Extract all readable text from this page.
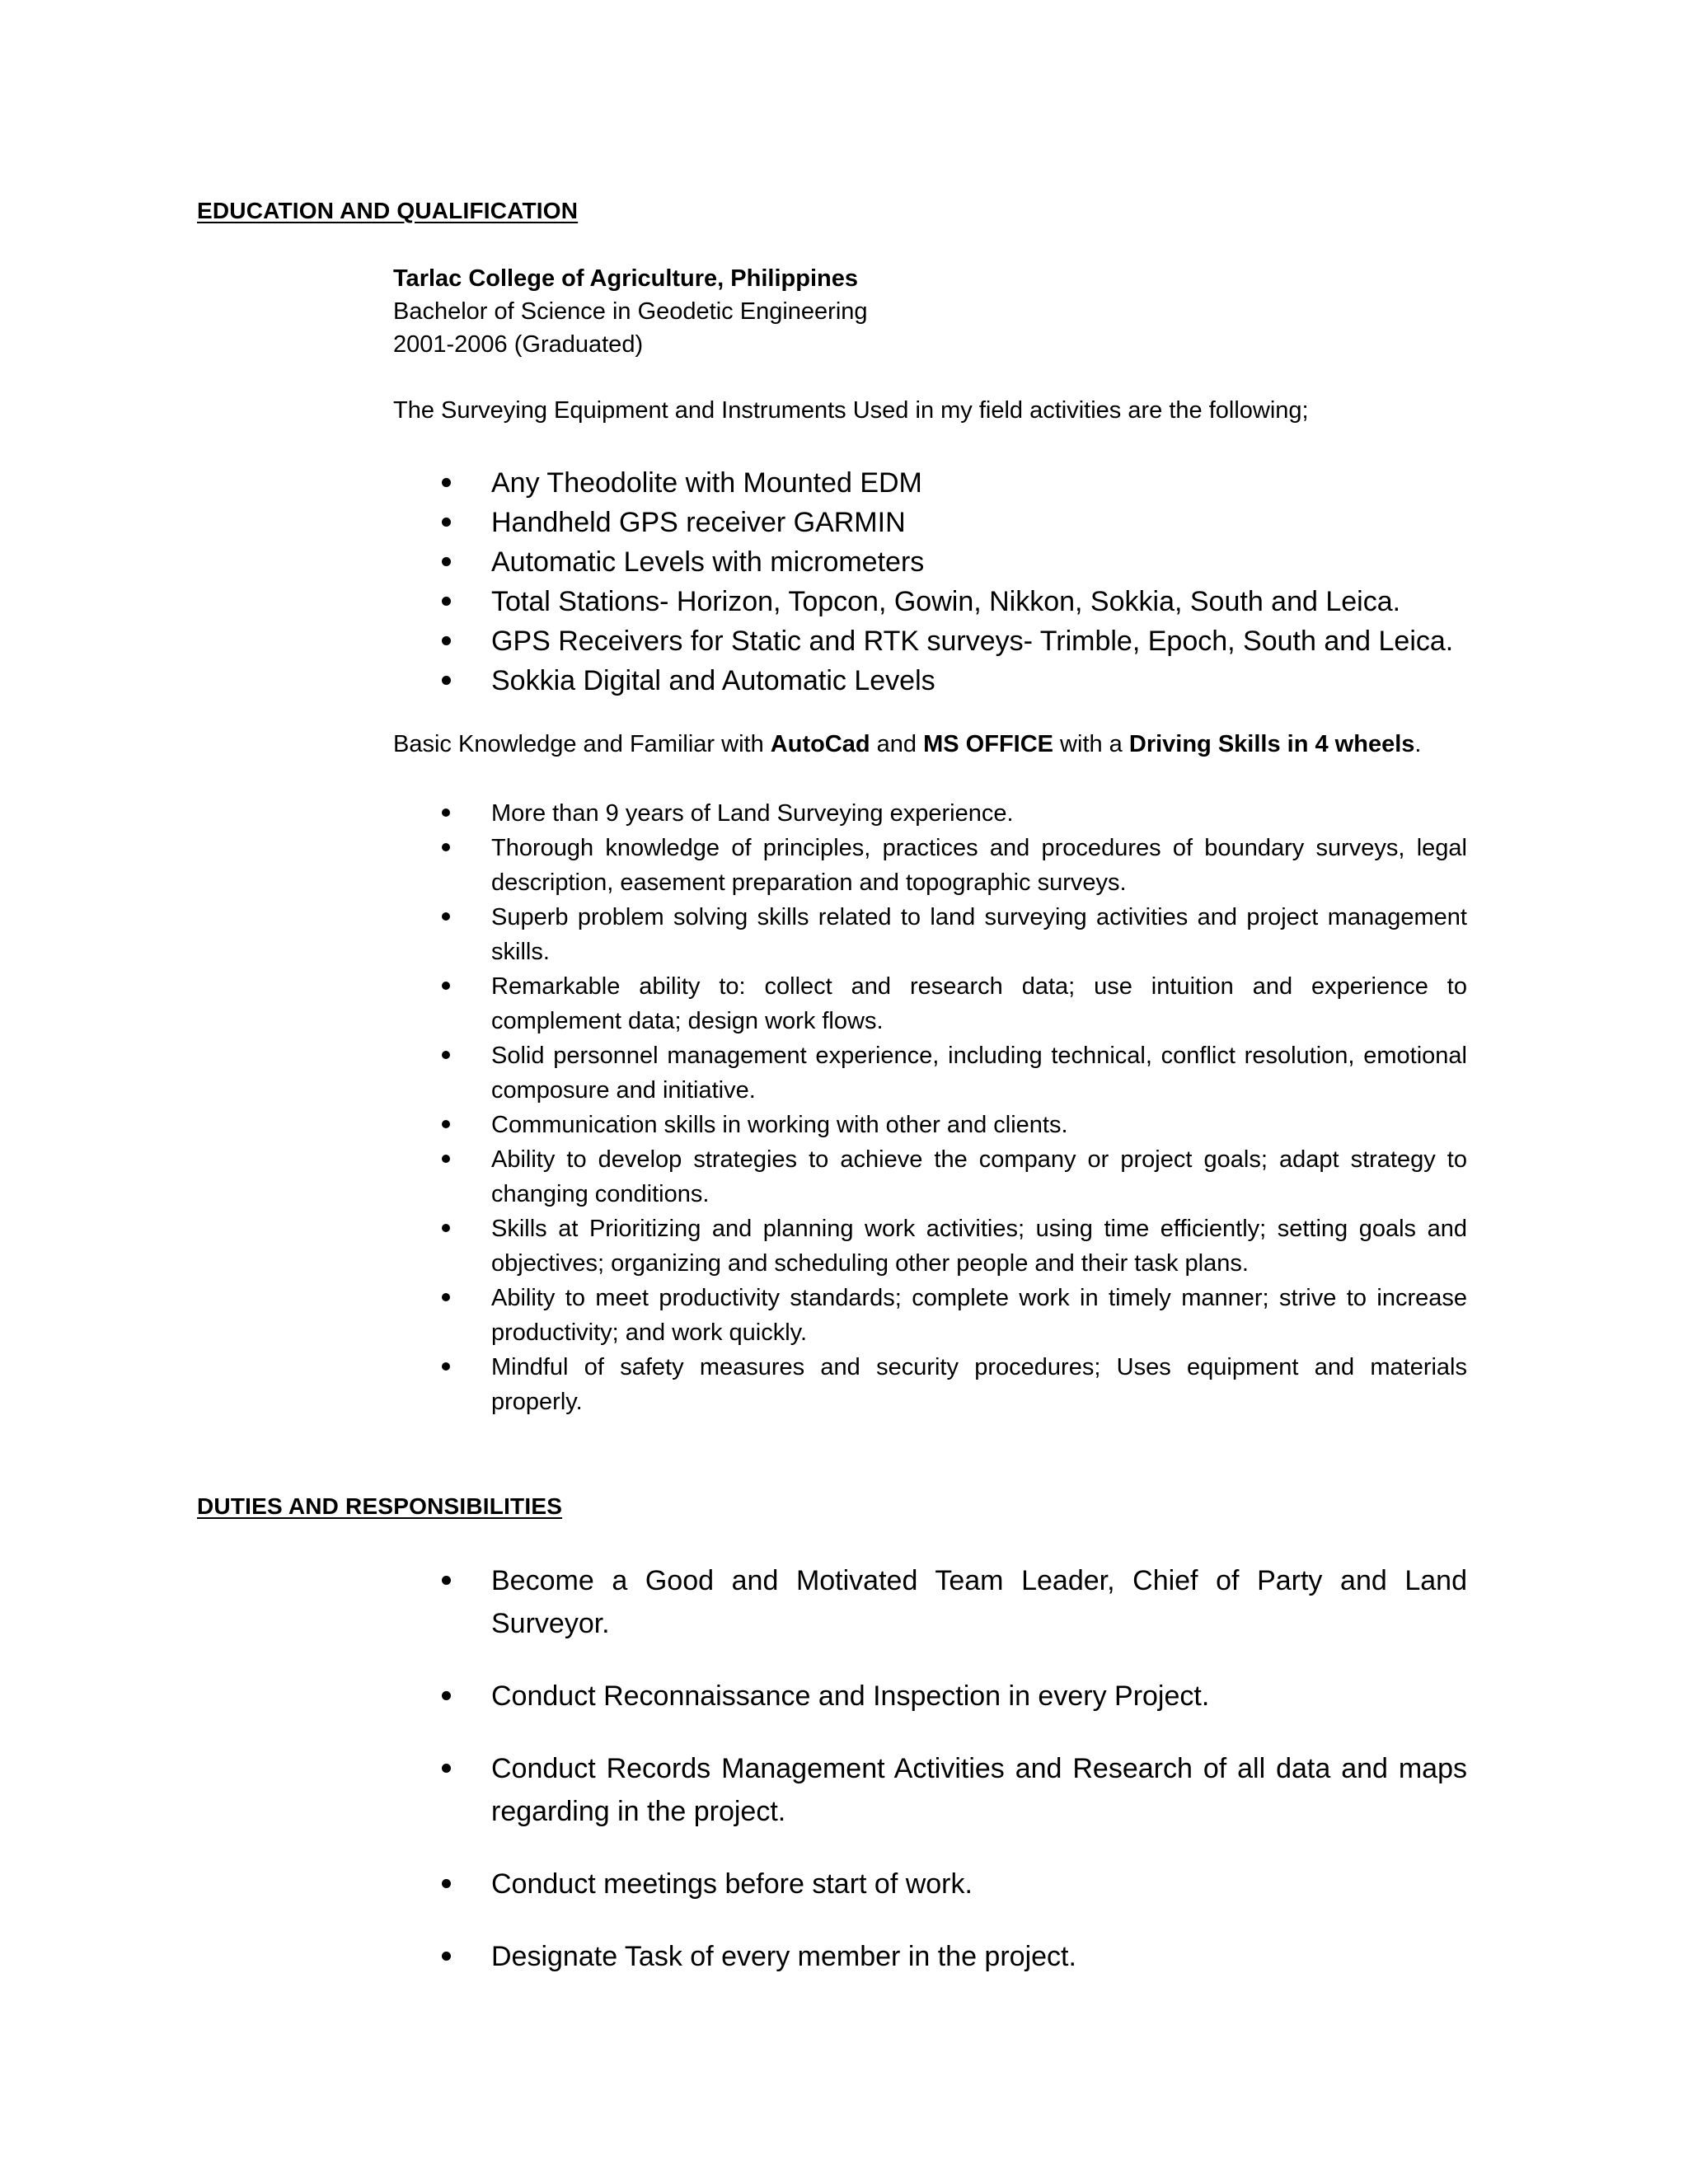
EDUCATION AND QUALIFICATION
Tarlac College of Agriculture, Philippines
Bachelor of Science in Geodetic Engineering
2001-2006 (Graduated)
The Surveying Equipment and Instruments Used in my field activities are the following;
Any Theodolite with Mounted EDM
Handheld GPS receiver GARMIN
Automatic Levels with micrometers
Total Stations- Horizon, Topcon, Gowin, Nikkon, Sokkia, South and Leica.
GPS Receivers for Static and RTK surveys- Trimble, Epoch, South and Leica.
Sokkia Digital and Automatic Levels
Basic Knowledge and Familiar with AutoCad and MS OFFICE with a Driving Skills in 4 wheels.
More than 9 years of Land Surveying experience.
Thorough knowledge of principles, practices and procedures of boundary surveys, legal description, easement preparation and topographic surveys.
Superb problem solving skills related to land surveying activities and project management skills.
Remarkable ability to: collect and research data; use intuition and experience to complement data; design work flows.
Solid personnel management experience, including technical, conflict resolution, emotional composure and initiative.
Communication skills in working with other and clients.
Ability to develop strategies to achieve the company or project goals; adapt strategy to changing conditions.
Skills at Prioritizing and planning work activities; using time efficiently; setting goals and objectives; organizing and scheduling other people and their task plans.
Ability to meet productivity standards; complete work in timely manner; strive to increase productivity; and work quickly.
Mindful of safety measures and security procedures; Uses equipment and materials properly.
DUTIES AND RESPONSIBILITIES
Become a Good and Motivated Team Leader, Chief of Party and Land Surveyor.
Conduct Reconnaissance and Inspection in every Project.
Conduct Records Management Activities and Research of all data and maps regarding in the project.
Conduct meetings before start of work.
Designate Task of every member in the project.
